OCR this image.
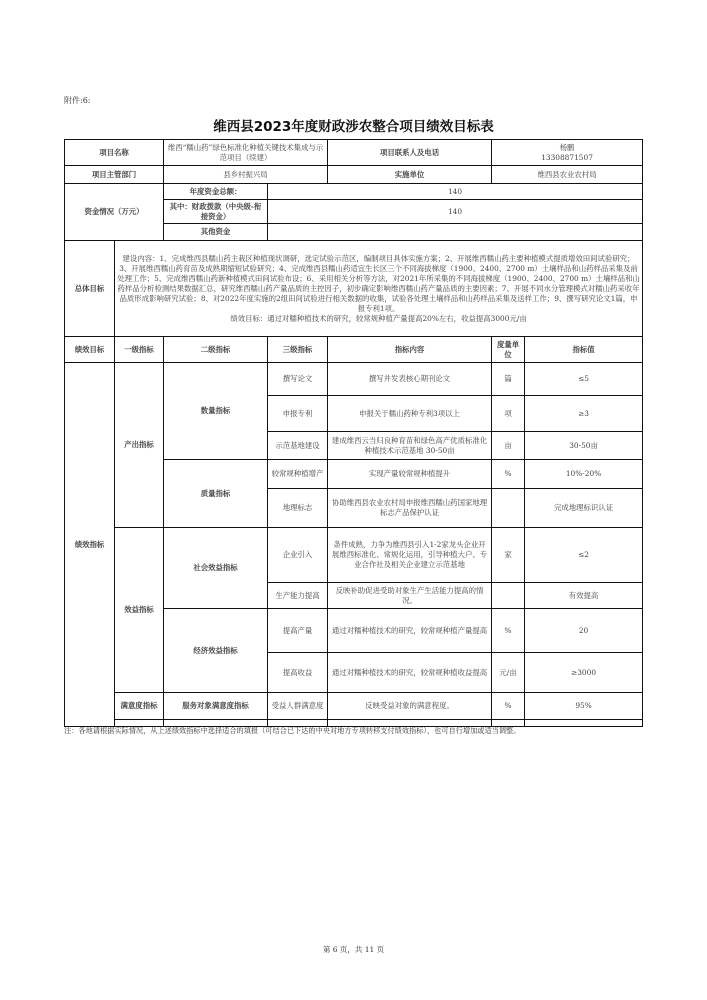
附件:6:
维西县2023年度财政涉农整合项目绩效目标表
项目名称		维西“糯山药”绿色标准化种植关键技术集成与示范项目（续建）		项目联系人及电话	杨鹏
13308871507	

项目主管部门		县乡村振兴局		实施单位	维西县农业农村局	
资金情况（万元）		年度资金总额：	140			
		其中：财政拨款（中央级-衔接资金）	140			
		其他资金				
总体目标	建设内容：1、完成维西县糯山药主栽区种植现状调研，选定试验示范区，编制项目具体实施方案；2、开展维西糯山药主要种植模式提质增效田间试验研究；3、开展维西糯山药育苗及成熟期缩短试验研究；4、完成维西县糯山药适宜生长区三个不同海拔梯度（1900、2400、2700 m）土壤样品和山药样品采集及前处理工作；5、完成维西糯山药新种植模式田间试验布设；6、采用相关分析等方法，对2021年所采集的不同海拔梯度（1900、2400、2700 m）土壤样品和山药样品分析检测结果数据汇总，研究维西糯山药产量品质的主控因子，初步确定影响维西糯山药产量品质的主要因素；7、开展不同水分管理模式对糯山药采收年品质形成影响研究试验；8、对2022年度实施的2组田间试验进行相关数据的收集，试验各处理土壤样品和山药样品采集及送样工作；9、撰写研究论文1篇，申报专利1项。
绩效目标：通过对糯种植技术的研究，较常规种植产量提高20%左右，收益提高3000元/亩					

绩效目标	一级指标	二级指标	三级指标	指标内容	度量单位	指标值
绩效指标	产出指标	数量指标	撰写论文	撰写并发表核心期刊论文	篇	≤5
			申报专利	申报关于糯山药种专利3项以上	项	≥3
			示范基地建设	建成维西云当归良种育苗和绿色高产优质标准化种植技术示范基地 30-50亩	亩	30-50亩
		质量指标	较常规种植增产	实现产量较常规种植提升	%	10%-20%
			地理标志	协助维西县农业农村局申报维西糯山药国家地理标志产品保护认证		完成地理标识认证
	效益指标	社会效益指标	企业引入	条件成熟，力争为维西县引入1-2家龙头企业开展维西标准化、常规化运用，引导种植大户、专业合作社及相关企业建立示范基地	家	≤2
			生产能力提高	反映补助促进受助对象生产生活能力提高的情况。		有效提高
		经济效益指标	提高产量	通过对糯种植技术的研究，较常规种植产量提高	%	20
			提高收益	通过对糯种植技术的研究，较常规种植收益提高	元/亩	≥3000
	满意度指标	服务对象满意度指标	受益人群满意度	反映受益对象的满意程度。	%	95%

注：各地请根据实际情况，从上述绩效指标中选择适合的填报（可结合已下达的中央对地方专项转移支付绩效指标），也可自行增加或适当调整。
第 6 页，共 11 页
